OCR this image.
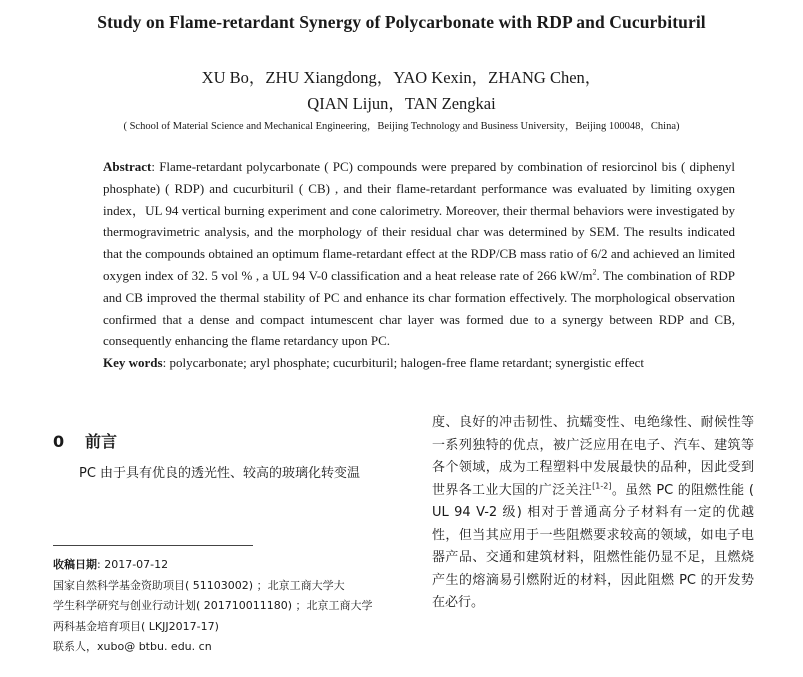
Study on Flame-retardant Synergy of Polycarbonate with RDP and Cucurbituril
XU Bo，ZHU Xiangdong，YAO Kexin，ZHANG Chen，
QIAN Lijun，TAN Zengkai
( School of Material Science and Mechanical Engineering，Beijing Technology and Business University，Beijing 100048，China)

Abstract: Flame-retardant polycarbonate ( PC) compounds were prepared by combination of resiorcinol bis ( diphenyl phosphate) ( RDP) and cucurbituril ( CB) , and their flame-retardant performance was evaluated by limiting oxygen index，UL 94 vertical burning experiment and cone calorimetry. Moreover, their thermal behaviors were investigated by thermogravimetric analysis, and the morphology of their residual char was determined by SEM. The results indicated that the compounds obtained an optimum flame-retardant effect at the RDP/CB mass ratio of 6/2 and achieved an limited oxygen index of 32. 5 vol % , a UL 94 V-0 classification and a heat release rate of 266 $kW/m^2$. The combination of RDP and CB improved the thermal stability of PC and enhance its char formation effectively. The morphological observation confirmed that a dense and compact intumescent char layer was formed due to a synergy between RDP and CB, consequently enhancing the flame retardancy upon PC.

Key words: polycarbonate; aryl phosphate; cucurbituril; halogen-free flame retardant; synergistic effect

0 前言
PC 由于具有优良的透光性、较高的玻璃化转变温
收稿日期: 2017-07-12
国家自然科学基金资助项目( 51103002) ；北京工商大学大
学生科学研究与创业行动计划( 201710011180) ；北京工商大学
两科基金培育项目( LKJJ2017-17)
联系人，xubo@ btbu. edu. cn
度、良好的冲击韧性、抗蠕变性、电绝缘性、耐候性等一系列独特的优点，被广泛应用在电子、汽车、建筑等各个领域，成为工程塑料中发展最快的品种，因此受到世界各工业大国的广泛关注[1-2]。虽然 PC 的阻燃性能 ( UL 94 V-2 级) 相对于普通高分子材料有一定的优越性，但当其应用于一些阻燃要求较高的领域，如电子电器产品、交通和建筑材料，阻燃性能仍显不足，且燃烧产生的熔滴易引燃附近的材料，因此阻燃 PC 的开发势在必行。
